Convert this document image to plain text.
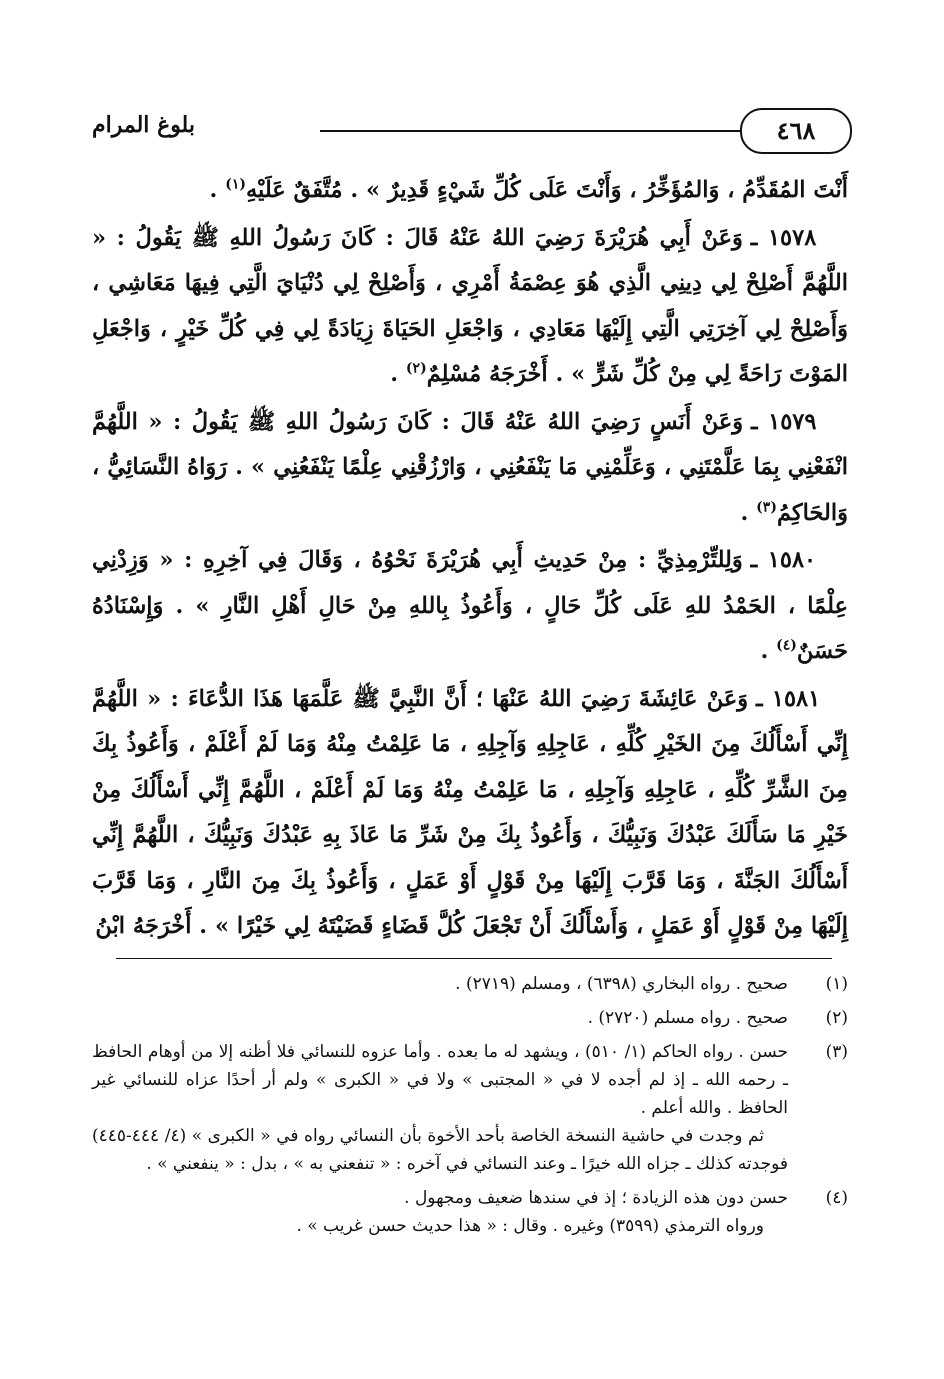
٤٦٨
بلوغ المرام

أَنْتَ المُقَدِّمُ ، وَالمُؤَخِّرُ ، وَأَنْتَ عَلَى كُلِّ شَيْءٍ قَدِيرٌ » . مُتَّفَقٌ عَلَيْهِ$^{(١)}$ .

١٥٧٨ ـ وَعَنْ أَبِي هُرَيْرَةَ رَضِيَ اللهُ عَنْهُ قَالَ : كَانَ رَسُولُ اللهِ ﷺ يَقُولُ : « اللَّهُمَّ أَصْلِحْ لِي دِينِي الَّذِي هُوَ عِصْمَةُ أَمْرِي ، وَأَصْلِحْ لِي دُنْيَايَ الَّتِي فِيهَا مَعَاشِي ، وَأَصْلِحْ لِي آخِرَتِي الَّتِي إِلَيْهَا مَعَادِي ، وَاجْعَلِ الحَيَاةَ زِيَادَةً لِي فِي كُلِّ خَيْرٍ ، وَاجْعَلِ المَوْتَ رَاحَةً لِي مِنْ كُلِّ شَرٍّ » . أَخْرَجَهُ مُسْلِمٌ$^{(٢)}$ .

١٥٧٩ ـ وَعَنْ أَنَسٍ رَضِيَ اللهُ عَنْهُ قَالَ : كَانَ رَسُولُ اللهِ ﷺ يَقُولُ : « اللَّهُمَّ انْفَعْنِي بِمَا عَلَّمْتَنِي ، وَعَلِّمْنِي مَا يَنْفَعُنِي ، وَارْزُقْنِي عِلْمًا يَنْفَعُنِي » . رَوَاهُ النَّسَائِيُّ ، وَالحَاكِمُ$^{(٣)}$ .

١٥٨٠ ـ وَلِلتِّرْمِذِيِّ : مِنْ حَدِيثِ أَبِي هُرَيْرَةَ نَحْوُهُ ، وَقَالَ فِي آخِرِهِ : « وَزِدْنِي عِلْمًا ، الحَمْدُ للهِ عَلَى كُلِّ حَالٍ ، وَأَعُوذُ بِاللهِ مِنْ حَالِ أَهْلِ النَّارِ » . وَإِسْنَادُهُ حَسَنٌ$^{(٤)}$ .

١٥٨١ ـ وَعَنْ عَائِشَةَ رَضِيَ اللهُ عَنْهَا ؛ أَنَّ النَّبِيَّ ﷺ عَلَّمَهَا هَذَا الدُّعَاءَ : « اللَّهُمَّ إِنِّي أَسْأَلُكَ مِنَ الخَيْرِ كُلِّهِ ، عَاجِلِهِ وَآجِلِهِ ، مَا عَلِمْتُ مِنْهُ وَمَا لَمْ أَعْلَمْ ، وَأَعُوذُ بِكَ مِنَ الشَّرِّ كُلِّهِ ، عَاجِلِهِ وَآجِلِهِ ، مَا عَلِمْتُ مِنْهُ وَمَا لَمْ أَعْلَمْ ، اللَّهُمَّ إِنِّي أَسْأَلُكَ مِنْ خَيْرِ مَا سَأَلَكَ عَبْدُكَ وَنَبِيُّكَ ، وَأَعُوذُ بِكَ مِنْ شَرِّ مَا عَاذَ بِهِ عَبْدُكَ وَنَبِيُّكَ ، اللَّهُمَّ إِنِّي أَسْأَلُكَ الجَنَّةَ ، وَمَا قَرَّبَ إِلَيْهَا مِنْ قَوْلٍ أَوْ عَمَلٍ ، وَأَعُوذُ بِكَ مِنَ النَّارِ ، وَمَا قَرَّبَ إِلَيْهَا مِنْ قَوْلٍ أَوْ عَمَلٍ ، وَأَسْأَلُكَ أَنْ تَجْعَلَ كُلَّ قَضَاءٍ قَضَيْتَهُ لِي خَيْرًا » . أَخْرَجَهُ ابْنُ

(١)

صحيح . رواه البخاري (٦٣٩٨) ، ومسلم (٢٧١٩) .

(٢)

صحيح . رواه مسلم (٢٧٢٠) .

(٣)

حسن . رواه الحاكم (١/ ٥١٠) ، ويشهد له ما بعده . وأما عزوه للنسائي فلا أظنه إلا من أوهام الحافظ ـ رحمه الله ـ إذ لم أجده لا في « المجتبى » ولا في « الكبرى » ولم أر أحدًا عزاه للنسائي غير الحافظ . والله أعلم .

ثم وجدت في حاشية النسخة الخاصة بأحد الأخوة بأن النسائي رواه في « الكبرى » (٤/ ٤٤٤-٤٤٥) فوجدته كذلك ـ جزاه الله خيرًا ـ وعند النسائي في آخره : « تنفعني به » ، بدل : « ينفعني » .

(٤)

حسن دون هذه الزيادة ؛ إذ في سندها ضعيف ومجهول .

ورواه الترمذي (٣٥٩٩) وغيره . وقال : « هذا حديث حسن غريب » .
